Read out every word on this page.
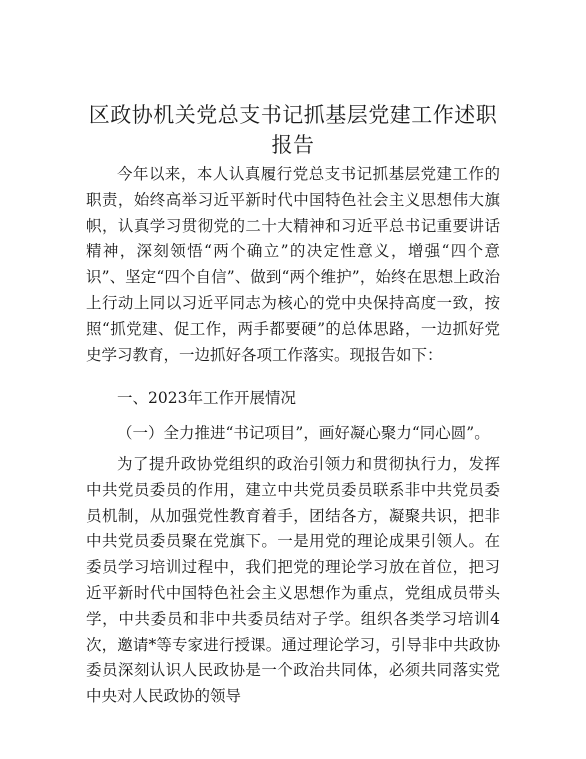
区政协机关党总支书记抓基层党建工作述职报告

今年以来，本人认真履行党总支书记抓基层党建工作的职责，始终高举习近平新时代中国特色社会主义思想伟大旗帜，认真学习贯彻党的二十大精神和习近平总书记重要讲话精神，深刻领悟“两个确立”的决定性意义，增强“四个意识”、坚定“四个自信”、做到“两个维护”，始终在思想上政治上行动上同以习近平同志为核心的党中央保持高度一致，按照“抓党建、促工作，两手都要硬”的总体思路，一边抓好党史学习教育，一边抓好各项工作落实。现报告如下：

一、2023年工作开展情况

（一）全力推进“书记项目”，画好凝心聚力“同心圆”。

为了提升政协党组织的政治引领力和贯彻执行力，发挥中共党员委员的作用，建立中共党员委员联系非中共党员委员机制，从加强党性教育着手，团结各方，凝聚共识，把非中共党员委员聚在党旗下。一是用党的理论成果引领人。在委员学习培训过程中，我们把党的理论学习放在首位，把习近平新时代中国特色社会主义思想作为重点，党组成员带头学，中共委员和非中共委员结对子学。组织各类学习培训4次，邀请*等专家进行授课。通过理论学习，引导非中共政协委员深刻认识人民政协是一个政治共同体，必须共同落实党中央对人民政协的领导
